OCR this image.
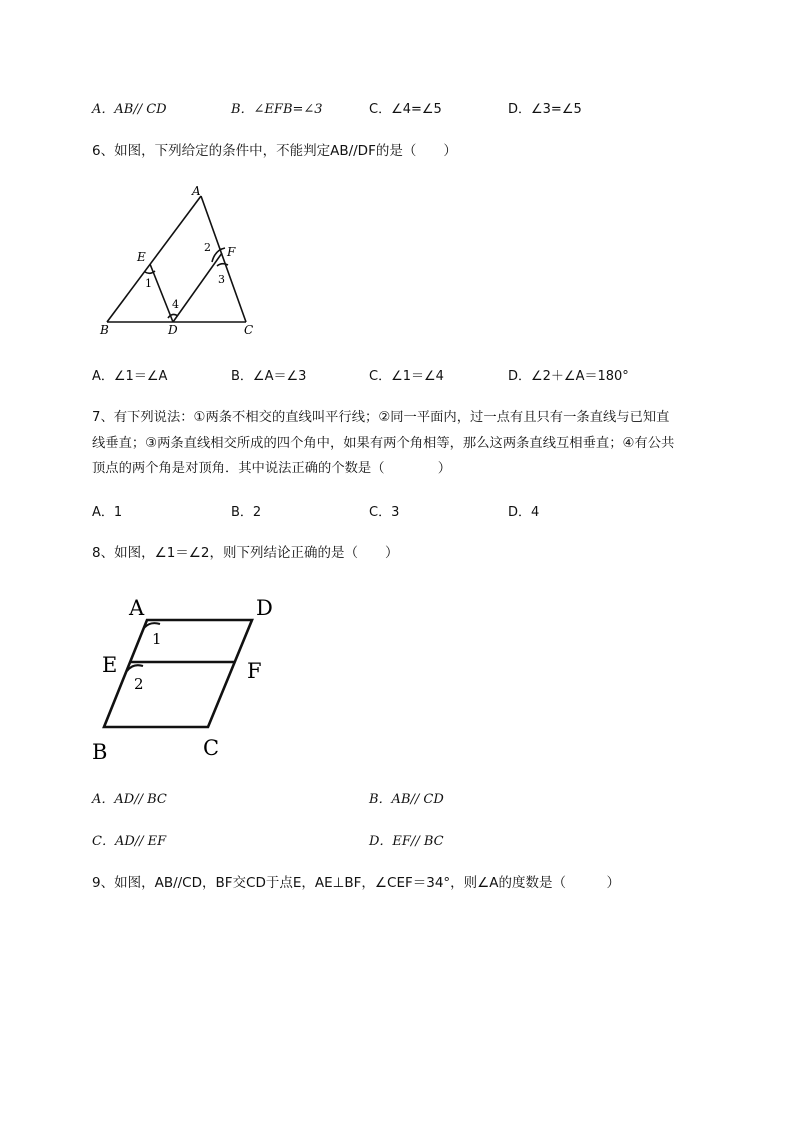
A．AB// CD	B．∠EFB=∠3	C．∠4=∠5	D．∠3=∠5
6、如图，下列给定的条件中，不能判定AB//DF的是（　　）
A
B	C
D
E	F
1
2
3
4
A．∠1＝∠A	B．∠A＝∠3	C．∠1＝∠4	D．∠2＋∠A＝180°
7、有下列说法：①两条不相交的直线叫平行线；②同一平面内，过一点有且只有一条直线与已知直
线垂直；③两条直线相交所成的四个角中，如果有两个角相等，那么这两条直线互相垂直；④有公共
顶点的两个角是对顶角．其中说法正确的个数是（　　　　）
A．1	B．2	C．3	D．4
8、如图，∠1＝∠2，则下列结论正确的是（　　）
A	D
E	F
B	C
1
2
A．AD// BC	B．AB// CD
C．AD// EF	D．EF// BC
9、如图，AB//CD，BF交CD于点E，AE⊥BF，∠CEF＝34°，则∠A的度数是（　　　）
